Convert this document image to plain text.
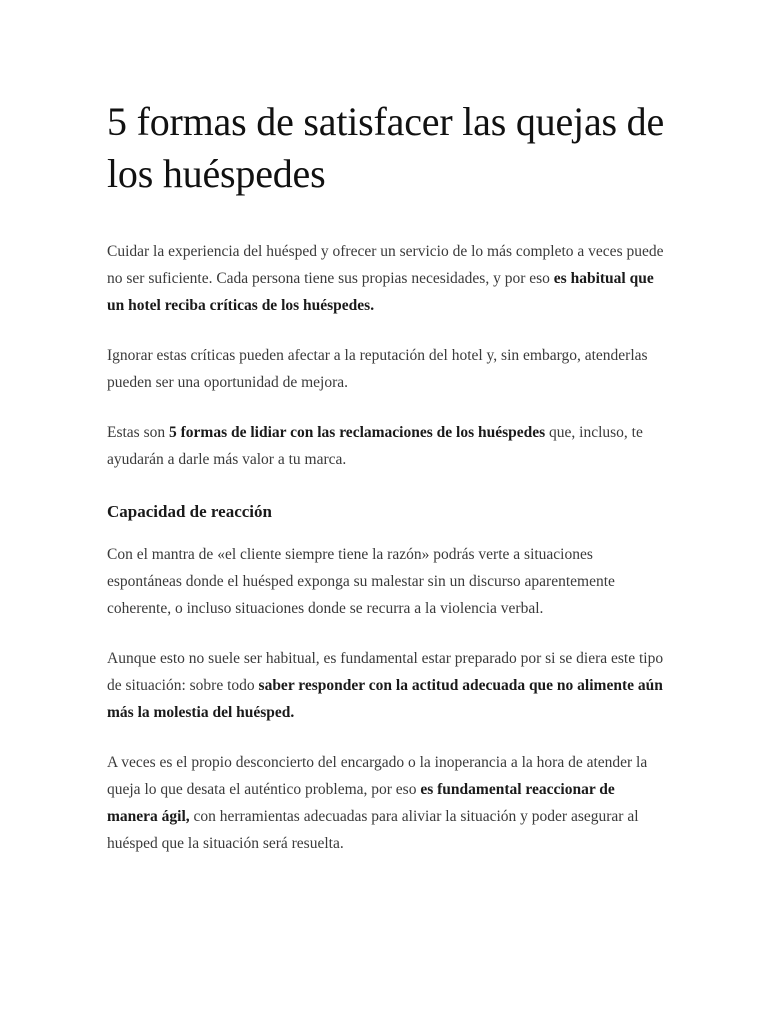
5 formas de satisfacer las quejas de los huéspedes

Cuidar la experiencia del huésped y ofrecer un servicio de lo más completo a veces puede no ser suficiente. Cada persona tiene sus propias necesidades, y por eso es habitual que un hotel reciba críticas de los huéspedes.

Ignorar estas críticas pueden afectar a la reputación del hotel y, sin embargo, atenderlas pueden ser una oportunidad de mejora.

Estas son 5 formas de lidiar con las reclamaciones de los huéspedes que, incluso, te ayudarán a darle más valor a tu marca.

Capacidad de reacción

Con el mantra de «el cliente siempre tiene la razón» podrás verte a situaciones espontáneas donde el huésped exponga su malestar sin un discurso aparentemente coherente, o incluso situaciones donde se recurra a la violencia verbal.

Aunque esto no suele ser habitual, es fundamental estar preparado por si se diera este tipo de situación: sobre todo saber responder con la actitud adecuada que no alimente aún más la molestia del huésped.

A veces es el propio desconcierto del encargado o la inoperancia a la hora de atender la queja lo que desata el auténtico problema, por eso es fundamental reaccionar de manera ágil, con herramientas adecuadas para aliviar la situación y poder asegurar al huésped que la situación será resuelta.
